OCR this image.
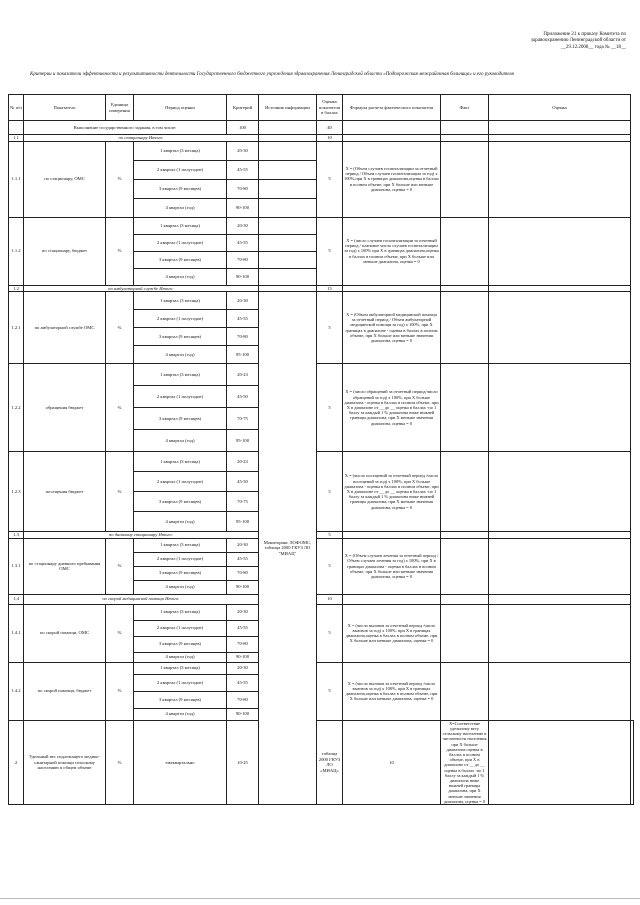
Приложение 21 к приказу Комитета по
здравоохранению Ленинградской области от
__29.12.2008__ года № __18__
Критерии и показатели эффективности и результативности деятельности Государственного бюджетного учреждения здравоохранения Ленинградской области «Подпорожская межрайонная больница» и его руководителя
№ п/п	Показатель	Единица измерения	Период оценки	Критерий	Источник информации	Оценка показателя в баллах	Формула расчета фактического показателя	Факт	Оценка	
	Выполнение государственного задания, в том числе:			100		40				
1.1	по стационару Итого:					10				
1.1.1	по стационару, ОМС	%	1 квартал (3 месяца)	20-30		5	X = (Объем случаев госпитализации за отчетный период / Объем случаев госпитализации за год) х 100%,при X в границах диапазона,оценка в баллах в полном объеме, при X больше или меньше диапазона, оценка = 0			
			2 квартал (1 полугодие)	45-55						
			3 квартал (9 месяцев)	70-80						
			4 квартал (год)	90-100						
1.1.2	по стационару, бюджет	%	1 квартал (3 месяца)	20-30		5	X = (число случаев госпитализации за отчетный период / плановое число случаев госпитализации за год) х 100% при X в границах диапазона,оценка в баллах в полном объеме, при X больше или меньше диапазона, оценка = 0			
			2 квартал (1 полугодие)	45-55						
			3 квартал (9 месяцев)	70-80						
			4 квартал (год)	90-100						
1.2	по амбулаторной службе Итого:					15				
1.2.1	по амбулаторной службе ОМС	%	1 квартал (3 месяца)	20-30	Мониторинг ЛОФОМС, таблица 2000 ГКУЗ ЛО "МИАЦ"	5	X = (Объем амбулаторной медицинской помощи за отчетный период / Объем амбулаторной медицинской помощи за год) х 100%, при X границах в диапазоне - оценка в баллах в полном объеме, при X больше или меньше значения диапазона, оценка = 0			
			2 квартал (1 полугодие)	45-55						
			3 квартал (9 месяцев)	70-80						
			4 квартал (год)	95-100						
1.2.2	обращения бюджет	%	1 квартал (3 месяца)	20-23		5	X = (число обращений за отчетный период/число обращений за год) х 100%, при X больше диапазона - оценка в баллах в полном объеме, при X в диапазоне от __ до __ оценка в баллах -по 1 баллу за каждый 1 % диапазона ниже нижней границы диапазона, при X меньше значения диапазона, оценка = 0			
			2 квартал (1 полугодие)	45-50						
			3 квартал (9 месяцев)	70-75						
			4 квартал (год)	95-100						
1.2.3	посещения бюджет	%	1 квартал (3 месяца)	20-23		5	X = (число посещений за отчетный период /число посещений за год) х 100%, при X больше диапазона - оценка в баллах в полном объеме, при X в диапазоне от __ до __ оценка в баллах -по 1 баллу за каждый 1 % диапазона ниже нижней границы диапазона, при X меньше значения диапазона, оценка = 0			
			2 квартал (1 полугодие)	45-50						
			3 квартал (9 месяцев)	70-75						
			4 квартал (год)	95-100						
1.3	по дневному стационару Итого:					5				
1.3.1	по стационару дневного пребывания ОМС	%	1 квартал (3 месяца)	20-30		5	X = (Объем случаев лечения за отчетный период / Объем случаев лечения за год) х 100%, при X в границах диапазона - оценка в баллах в полном объеме, при X больше или меньше значения диапазона, оценка = 0			
			2 квартал (1 полугодие)	45-55						
			3 квартал (9 месяцев)	70-80						
			4 квартал (год)	90-100						
1.4	по скорой медицинской помощи Итого:					10				
1.4.1	по скорой помощи, ОМС	%	1 квартал (3 месяца)	20-30		5	X = (число вызовов за отчетный период /число вызовов за год) х 100%, при X в границах диапазона,оценка в баллах в полном объеме, при X больше или меньше диапазона, оценка = 0			
			2 квартал (1 полугодие)	45-55						
			3 квартал (9 месяцев)	70-80						
			4 квартал (год)	90-100						
1.4.2	по скорой помощи, бюджет	%	1 квартал (3 месяца)	20-30		5	X = (число вызовов за отчетный период /число вызовов за год) х 100%, при X в границах диапазона,оценка в баллах в полном объеме, при X больше или меньше диапазона, оценка = 0			
			2 квартал (1 полугодие)	45-55						
			3 квартал (9 месяцев)	70-80						
			4 квартал (год)	90-100						
2	Удельный вес подлежащего медико-санитарной помощи сельскому населению в общем объеме	%	ежеквартально	10-25		таблица 2000 ГКУЗ ЛО «МИАЦ»	10	X=Соответствие удельному весу сельскому населению в численности населения при X больше диапазона оценка в баллах в полном объеме, при X в диапазоне от __ до __ оценка в баллах -по 1 баллу за каждый 1 % диапазона ниже нижней границы диапазона, при X меньше значения диапазона, оценка = 0		
